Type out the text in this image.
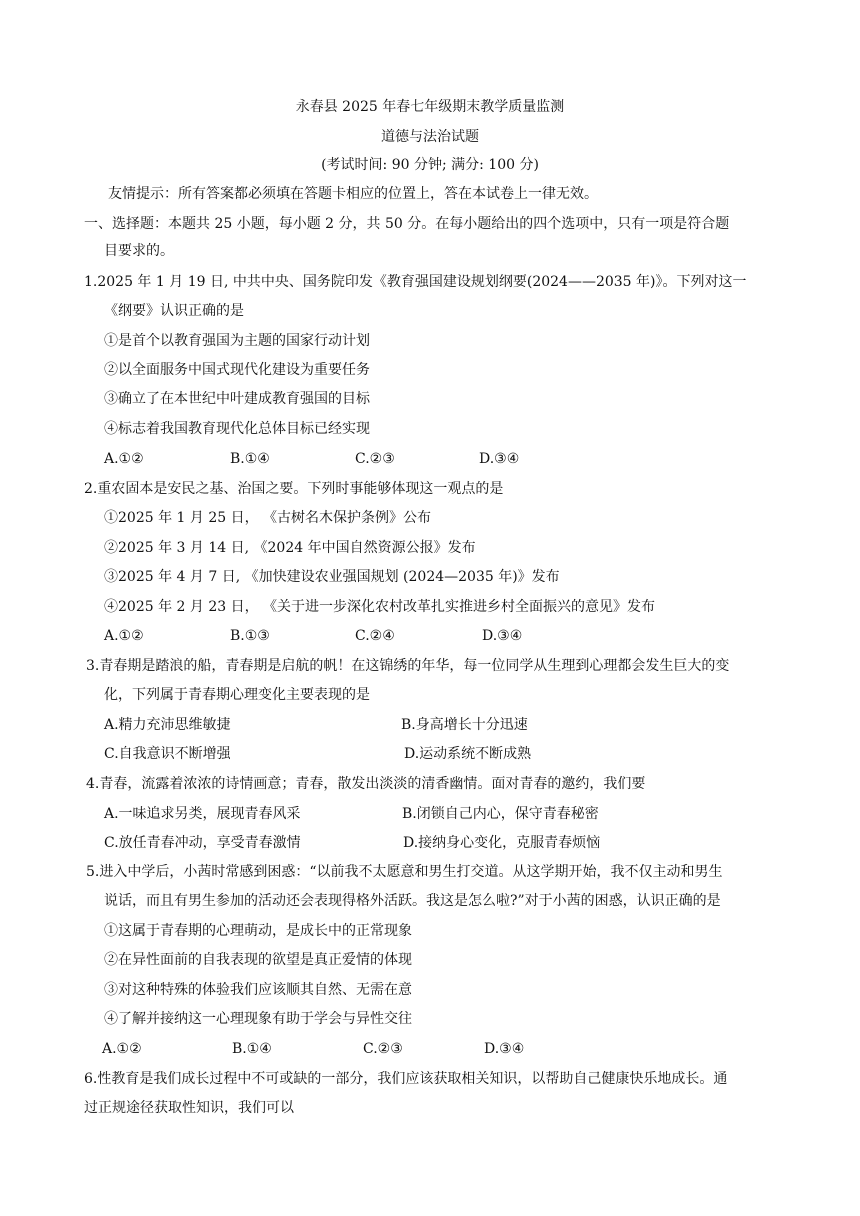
永春县 2025 年春七年级期末教学质量监测
道德与法治试题
(考试时间: 90 分钟; 满分: 100 分)
友情提示：所有答案都必须填在答题卡相应的位置上，答在本试卷上一律无效。
一、选择题：本题共 25 小题，每小题 2 分，共 50 分。在每小题给出的四个选项中，只有一项是符合题
目要求的。
1.2025 年 1 月 19 日, 中共中央、国务院印发《教育强国建设规划纲要(2024——2035 年)》。下列对这一
《纲要》认识正确的是
①是首个以教育强国为主题的国家行动计划
②以全面服务中国式现代化建设为重要任务
③确立了在本世纪中叶建成教育强国的目标
④标志着我国教育现代化总体目标已经实现
A.①②	B.①④	C.②③	D.③④
2.重农固本是安民之基、治国之要。下列时事能够体现这一观点的是
①2025 年 1 月 25 日， 《古树名木保护条例》公布
②2025 年 3 月 14 日, 《2024 年中国自然资源公报》发布
③2025 年 4 月 7 日, 《加快建设农业强国规划 (2024—2035 年)》发布
④2025 年 2 月 23 日， 《关于进一步深化农村改革扎实推进乡村全面振兴的意见》发布
A.①②	B.①③	C.②④	D.③④
3.青春期是踏浪的船，青春期是启航的帆！在这锦绣的年华，每一位同学从生理到心理都会发生巨大的变
化，下列属于青春期心理变化主要表现的是
A.精力充沛思维敏捷	B.身高增长十分迅速
C.自我意识不断增强	D.运动系统不断成熟
4.青春，流露着浓浓的诗情画意；青春，散发出淡淡的清香幽情。面对青春的邀约，我们要
A.一味追求另类，展现青春风采	B.闭锁自己内心，保守青春秘密
C.放任青春冲动，享受青春激情	D.接纳身心变化，克服青春烦恼
5.进入中学后，小茜时常感到困惑：“以前我不太愿意和男生打交道。从这学期开始，我不仅主动和男生
说话，而且有男生参加的活动还会表现得格外活跃。我这是怎么啦?”对于小茜的困惑，认识正确的是
①这属于青春期的心理萌动，是成长中的正常现象
②在异性面前的自我表现的欲望是真正爱情的体现
③对这种特殊的体验我们应该顺其自然、无需在意
④了解并接纳这一心理现象有助于学会与异性交往
A.①②	B.①④	C.②③	D.③④
6.性教育是我们成长过程中不可或缺的一部分，我们应该获取相关知识，以帮助自己健康快乐地成长。通
过正规途径获取性知识，我们可以
